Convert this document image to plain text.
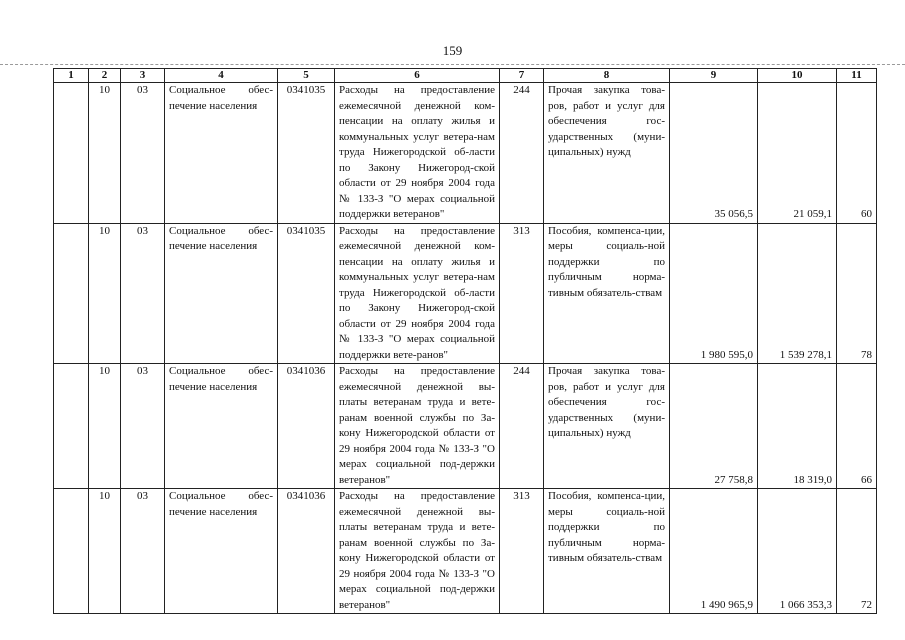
159
1	2	3	4	5	6	7	8	9	10	11
	10	03	Социальное обес-печение населения	0341035	Расходы на предоставление ежемесячной денежной ком-пенсации на оплату жилья и коммунальных услуг ветера-нам труда Нижегородской об-ласти по Закону Нижегород-ской области от 29 ноября 2004 года № 133-З "О мерах социальной поддержки ветеранов"	244	Прочая закупка това-ров, работ и услуг для обеспечения гос-ударственных (муни-ципальных) нужд	35 056,5	21 059,1	60
	10	03	Социальное обес-печение населения	0341035	Расходы на предоставление ежемесячной денежной ком-пенсации на оплату жилья и коммунальных услуг ветера-нам труда Нижегородской об-ласти по Закону Нижегород-ской области от 29 ноября 2004 года № 133-З "О мерах социальной поддержки вете-ранов"	313	Пособия, компенса-ции, меры социаль-ной поддержки по публичным норма-тивным обязатель-ствам	1 980 595,0	1 539 278,1	78
	10	03	Социальное обес-печение населения	0341036	Расходы на предоставление ежемесячной денежной вы-платы ветеранам труда и вете-ранам военной службы по За-кону Нижегородской области от 29 ноября 2004 года № 133-З "О мерах социальной под-держки ветеранов"	244	Прочая закупка това-ров, работ и услуг для обеспечения гос-ударственных (муни-ципальных) нужд	27 758,8	18 319,0	66
	10	03	Социальное обес-печение населения	0341036	Расходы на предоставление ежемесячной денежной вы-платы ветеранам труда и вете-ранам военной службы по За-кону Нижегородской области от 29 ноября 2004 года № 133-З "О мерах социальной под-держки ветеранов"	313	Пособия, компенса-ции, меры социаль-ной поддержки по публичным норма-тивным обязатель-ствам	1 490 965,9	1 066 353,3	72
